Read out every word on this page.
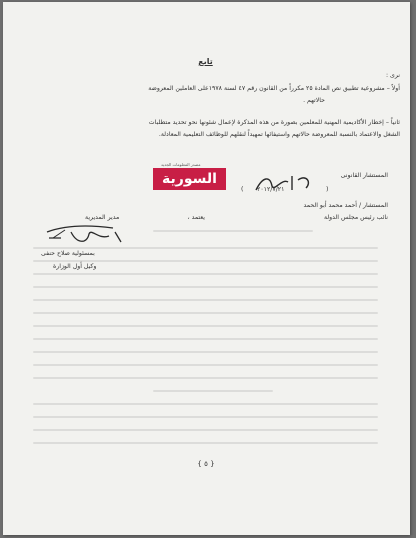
تابع
نرى :
أولاً – مشروعية تطبيق نص المادة ٢٥ مكرراً من القانون رقم ٤٧ لسنة ١٩٧٨على العاملين المعروضة
حالاتهم .
ثانياً – إخطار الأكاديمية المهنية للمعلمين بصورة من هذه المذكرة لإعمال شئونها نحو تحديد متطلبات
الشغل والاعتماد بالنسبة للمعروضة حالاتهم واستيفائها تمهيداً لنقلهم للوظائف التعليمية المعادلة.
مصدر المعلومات الجديد
السورية	المستشار القانونى
( ٢٠١٢/٧/٢١	)
المستشار / أحمد محمد أبو الحمد
نائب رئيس مجلس الدولة
يعتمد ،
مدير المديرية
بمسئولية صلاح حنفى
وكيل أول الوزارة
{ ٥ }
